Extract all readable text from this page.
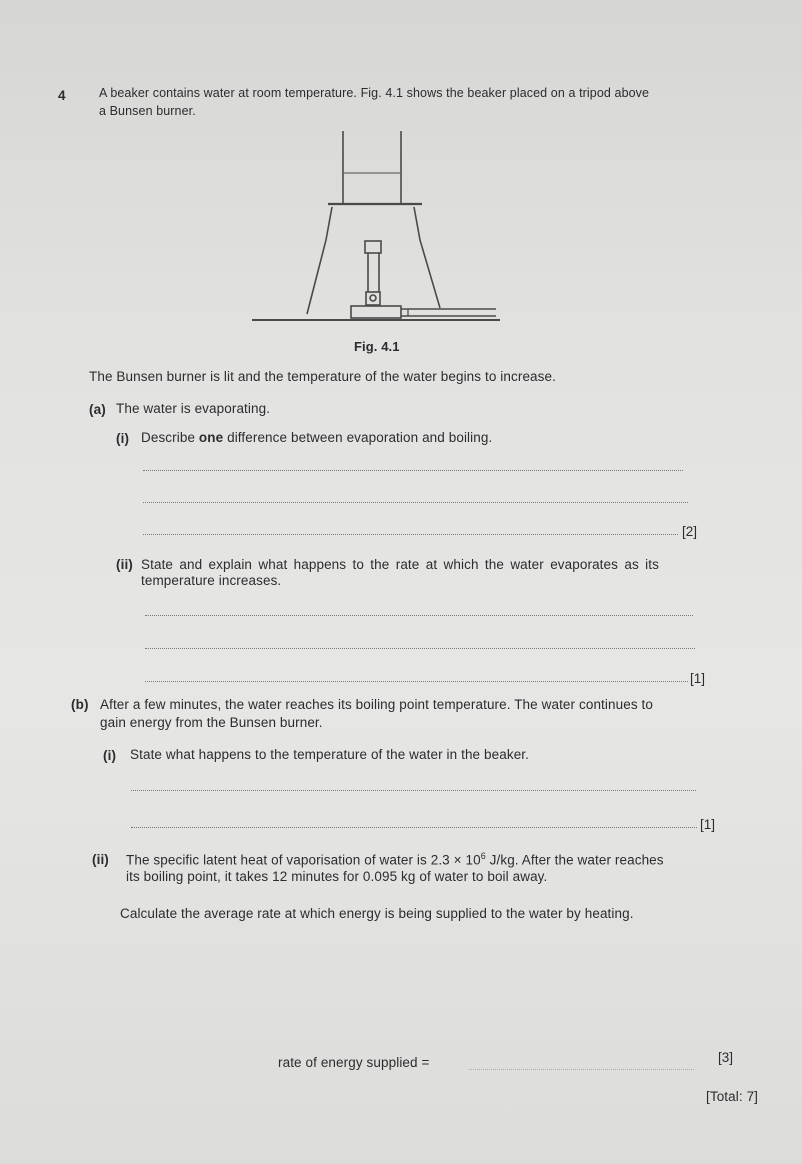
4	A beaker contains water at room temperature. Fig. 4.1 shows the beaker placed on a tripod above
a Bunsen burner.
Fig. 4.1
The Bunsen burner is lit and the temperature of the water begins to increase.
(a) The water is evaporating.
(i) Describe one difference between evaporation and boiling.
[2]
(ii) State and explain what happens to the rate at which the water evaporates as its
temperature increases.
[1]
(b) After a few minutes, the water reaches its boiling point temperature. The water continues to
gain energy from the Bunsen burner.
(i) State what happens to the temperature of the water in the beaker.
[1]
(ii) The specific latent heat of vaporisation of water is $2.3 \times 10^6$ J/kg. After the water reaches
its boiling point, it takes 12 minutes for 0.095 kg of water to boil away.
Calculate the average rate at which energy is being supplied to the water by heating.
rate of energy supplied =	[3]
[Total: 7]
